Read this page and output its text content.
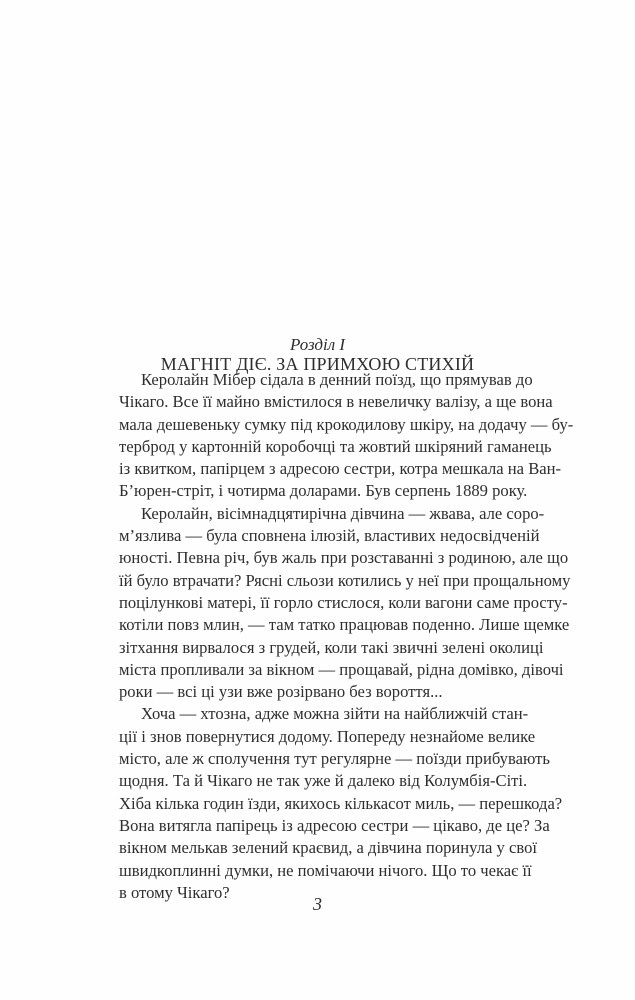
Розділ І
МАГНІТ ДІЄ. ЗА ПРИМХОЮ СТИХІЙ
Керолайн Мібер сідала в денний поїзд, що прямував до
Чікаго. Все її майно вмістилося в невеличку валізу, а ще вона
мала дешевеньку сумку під крокодилову шкіру, на додачу — бу-
терброд у картонній коробочці та жовтий шкіряний гаманець
із квитком, папірцем з адресою сестри, котра мешкала на Ван-
Б’юрен-стріт, і чотирма доларами. Був серпень 1889 року.
Керолайн, вісімнадцятирічна дівчина — жвава, але соро-
м’язлива — була сповнена ілюзій, властивих недосвідченій
юності. Певна річ, був жаль при розставанні з родиною, але що
їй було втрачати? Рясні сльози котились у неї при прощальному
поцілункові матері, її горло стислося, коли вагони саме просту-
котіли повз млин, — там татко працював поденно. Лише щемке
зітхання вирвалося з грудей, коли такі звичні зелені околиці
міста пропливали за вікном — прощавай, рідна домівко, дівочі
роки — всі ці узи вже розірвано без вороття...
Хоча — хтозна, адже можна зійти на найближчій стан-
ції і знов повернутися додому. Попереду незнайоме велике
місто, але ж сполучення тут регулярне — поїзди прибувають
щодня. Та й Чікаго не так уже й далеко від Колумбія-Сіті.
Хіба кілька годин їзди, якихось кількасот миль, — перешкода?
Вона витягла папірець із адресою сестри — цікаво, де це? За
вікном мелькав зелений краєвид, а дівчина поринула у свої
швидкоплинні думки, не помічаючи нічого. Що то чекає її
в отому Чікаго?
3
